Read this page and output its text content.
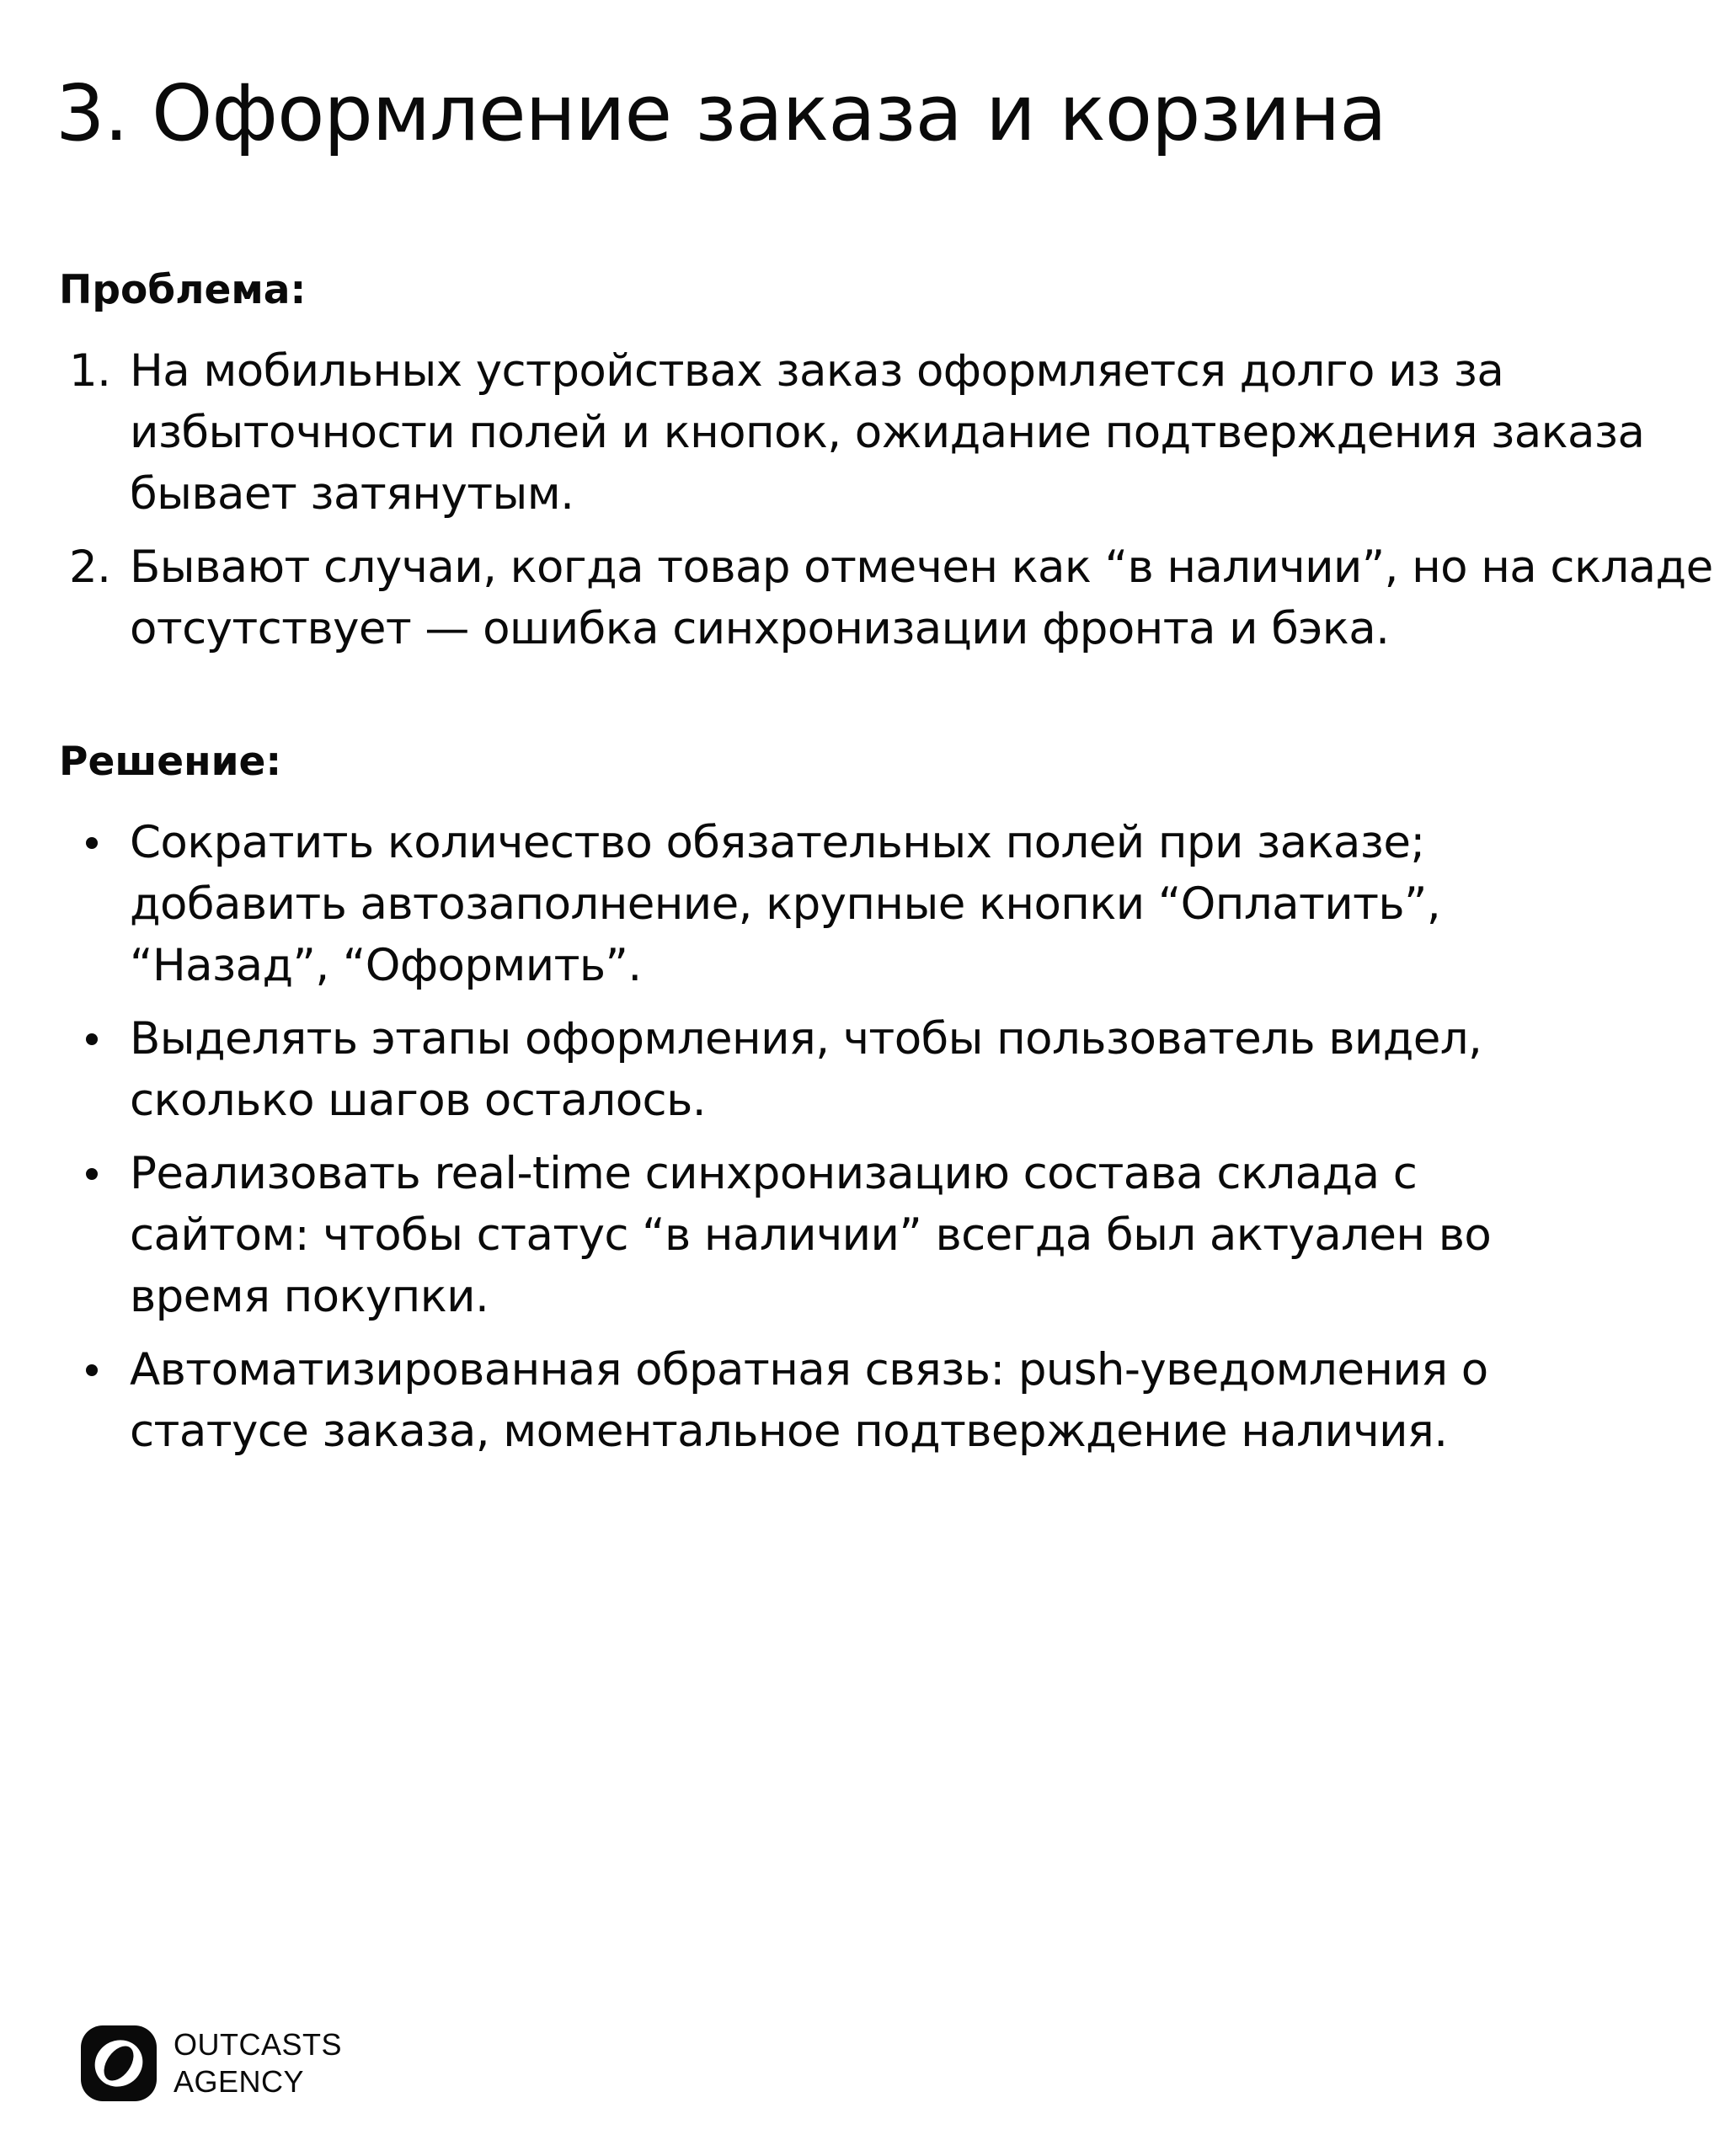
3. Оформление заказа и корзина
Проблема:
1. На мобильных устройствах заказ оформляется долго из за
избыточности полей и кнопок, ожидание подтверждения заказа
бывает затянутым.
2. Бывают случаи, когда товар отмечен как “в наличии”, но на складе
отсутствует — ошибка синхронизации фронта и бэка.
Решение:
Сократить количество обязательных полей при заказе;
добавить автозаполнение, крупные кнопки “Оплатить”,
“Назад”, “Оформить”.
Выделять этапы оформления, чтобы пользователь видел,
сколько шагов осталось.
Реализовать real-time синхронизацию состава склада с
сайтом: чтобы статус “в наличии” всегда был актуален во
время покупки.
Автоматизированная обратная связь: push-уведомления о
статусе заказа, моментальное подтверждение наличия.
OUTCASTS
AGENCY
